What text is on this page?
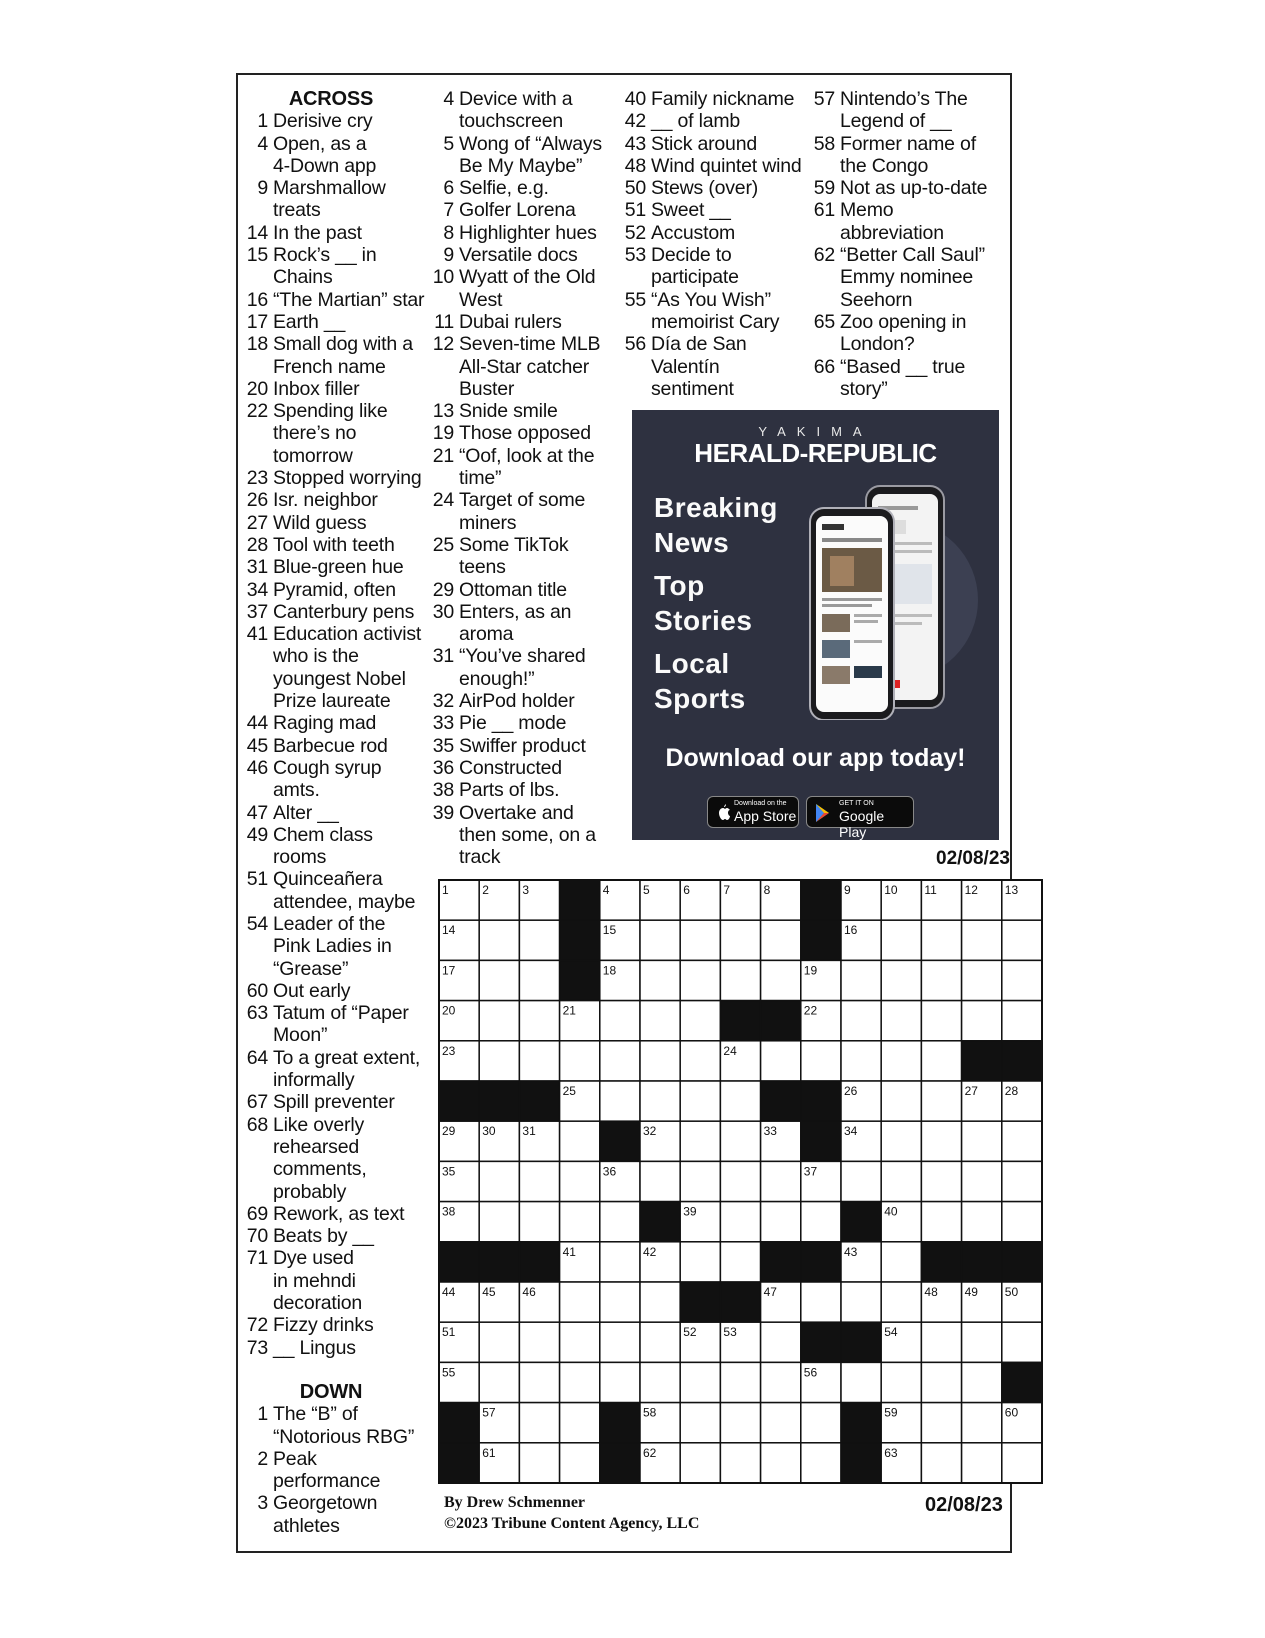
ACROSS
1 Derisive cry
4 Open, as a
4-Down app
9 Marshmallow
treats
14 In the past
15 Rock’s __ in
Chains
16 “The Martian” star
17 Earth __
18 Small dog with a
French name
20 Inbox filler
22 Spending like
there’s no
tomorrow
23 Stopped worrying
26 Isr. neighbor
27 Wild guess
28 Tool with teeth
31 Blue-green hue
34 Pyramid, often
37 Canterbury pens
41 Education activist
who is the
youngest Nobel
Prize laureate
44 Raging mad
45 Barbecue rod
46 Cough syrup
amts.
47 Alter __
49 Chem class
rooms
51 Quinceañera
attendee, maybe
54 Leader of the
Pink Ladies in
“Grease”
60 Out early
63 Tatum of “Paper
Moon”
64 To a great extent,
informally
67 Spill preventer
68 Like overly
rehearsed
comments,
probably
69 Rework, as text
70 Beats by __
71 Dye used
in mehndi
decoration
72 Fizzy drinks
73 __ Lingus
DOWN
1 The “B” of
“Notorious RBG”
2 Peak
performance
3 Georgetown
athletes
4 Device with a
touchscreen
5 Wong of “Always
Be My Maybe”
6 Selfie, e.g.
7 Golfer Lorena
8 Highlighter hues
9 Versatile docs
10 Wyatt of the Old
West
11 Dubai rulers
12 Seven-time MLB
All-Star catcher
Buster
13 Snide smile
19 Those opposed
21 “Oof, look at the
time”
24 Target of some
miners
25 Some TikTok
teens
29 Ottoman title
30 Enters, as an
aroma
31 “You’ve shared
enough!”
32 AirPod holder
33 Pie __ mode
35 Swiffer product
36 Constructed
38 Parts of lbs.
39 Overtake and
then some, on a
track
40 Family nickname
42 __ of lamb
43 Stick around
48 Wind quintet wind
50 Stews (over)
51 Sweet __
52 Accustom
53 Decide to
participate
55 “As You Wish”
memoirist Cary
56 Día de San
Valentín
sentiment
57 Nintendo’s The
Legend of __
58 Former name of
the Congo
59 Not as up-to-date
61 Memo
abbreviation
62 “Better Call Saul”
Emmy nominee
Seehorn
65 Zoo opening in
London?
66 “Based __ true
story”
YAKIMA
HERALD-REPUBLIC
Breaking
News
Top
Stories
Local
Sports
Download our app today!
Download on the
App Store
GET IT ON
Google Play
02/08/23
1	2	3	4	5	6	7	8	9	10 11 12 13
14	15	16
17	18	19
20	21	22
23	24
25	26	27 28
29 30 31	32	33	34
35	36	37
38	39	40
41	42	43
44 45 46	47	48 49 50
51	52 53	54
55	56
57	58	59	60
61	62	63
By Drew Schmenner
©2023 Tribune Content Agency, LLC
02/08/23
